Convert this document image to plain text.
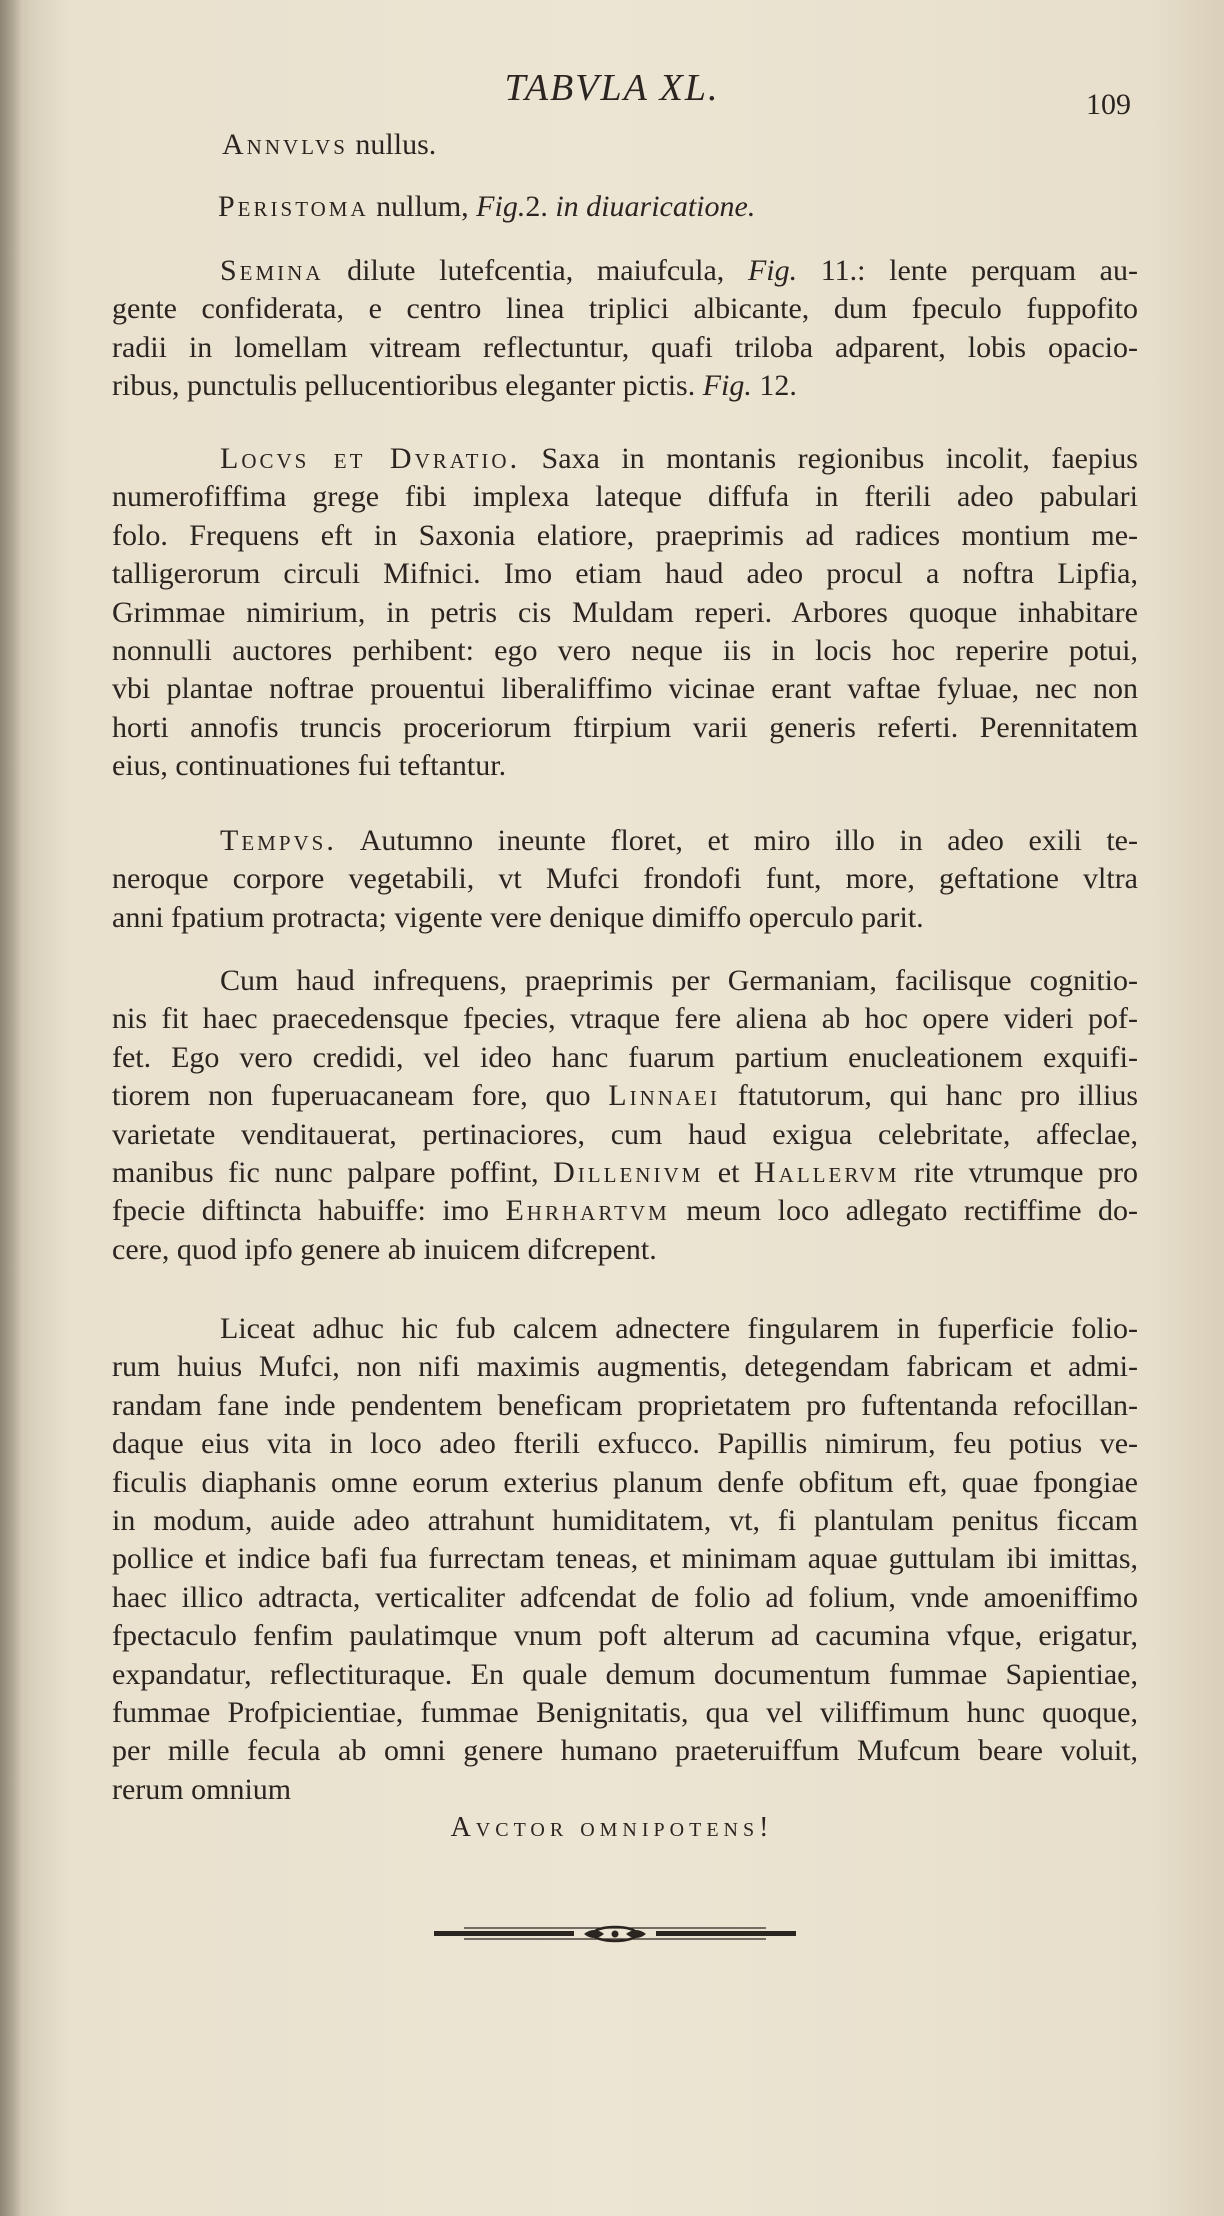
TABVLA XL.	109
Annvlvs nullus.
Peristoma nullum, Fig.2. in diuaricatione.
Semina dilute lutefcentia, maiufcula, Fig. 11.: lente perquam au-
gente confiderata, e centro linea triplici albicante, dum fpeculo fuppofito
radii in lomellam vitream reflectuntur, quafi triloba adparent, lobis opacio-
ribus, punctulis pellucentioribus eleganter pictis. Fig. 12.
Locvs et Dvratio. Saxa in montanis regionibus incolit, faepius
numerofiffima grege fibi implexa lateque diffufa in fterili adeo pabulari
folo. Frequens eft in Saxonia elatiore, praeprimis ad radices montium me-
talligerorum circuli Mifnici. Imo etiam haud adeo procul a noftra Lipfia,
Grimmae nimirium, in petris cis Muldam reperi. Arbores quoque inhabitare
nonnulli auctores perhibent: ego vero neque iis in locis hoc reperire potui,
vbi plantae noftrae prouentui liberaliffimo vicinae erant vaftae fyluae, nec non
horti annofis truncis proceriorum ftirpium varii generis referti. Perennitatem
eius, continuationes fui teftantur.
Tempvs. Autumno ineunte floret, et miro illo in adeo exili te-
neroque corpore vegetabili, vt Mufci frondofi funt, more, geftatione vltra
anni fpatium protracta; vigente vere denique dimiffo operculo parit.
Cum haud infrequens, praeprimis per Germaniam, facilisque cognitio-
nis fit haec praecedensque fpecies, vtraque fere aliena ab hoc opere videri pof-
fet. Ego vero credidi, vel ideo hanc fuarum partium enucleationem exquifi-
tiorem non fuperuacaneam fore, quo Linnaei ftatutorum, qui hanc pro illius
varietate venditauerat, pertinaciores, cum haud exigua celebritate, affeclae,
manibus fic nunc palpare poffint, Dillenivm et Hallervm rite vtrumque pro
fpecie diftincta habuiffe: imo Ehrhartvm meum loco adlegato rectiffime do-
cere, quod ipfo genere ab inuicem difcrepent.
Liceat adhuc hic fub calcem adnectere fingularem in fuperficie folio-
rum huius Mufci, non nifi maximis augmentis, detegendam fabricam et admi-
randam fane inde pendentem beneficam proprietatem pro fuftentanda refocillan-
daque eius vita in loco adeo fterili exfucco. Papillis nimirum, feu potius ve-
ficulis diaphanis omne eorum exterius planum denfe obfitum eft, quae fpongiae
in modum, auide adeo attrahunt humiditatem, vt, fi plantulam penitus ficcam
pollice et indice bafi fua furrectam teneas, et minimam aquae guttulam ibi imittas,
haec illico adtracta, verticaliter adfcendat de folio ad folium, vnde amoeniffimo
fpectaculo fenfim paulatimque vnum poft alterum ad cacumina vfque, erigatur,
expandatur, reflectituraque. En quale demum documentum fummae Sapientiae,
fummae Profpicientiae, fummae Benignitatis, qua vel viliffimum hunc quoque,
per mille fecula ab omni genere humano praeteruiffum Mufcum beare voluit,
rerum omnium
Avctor omnipotens!
